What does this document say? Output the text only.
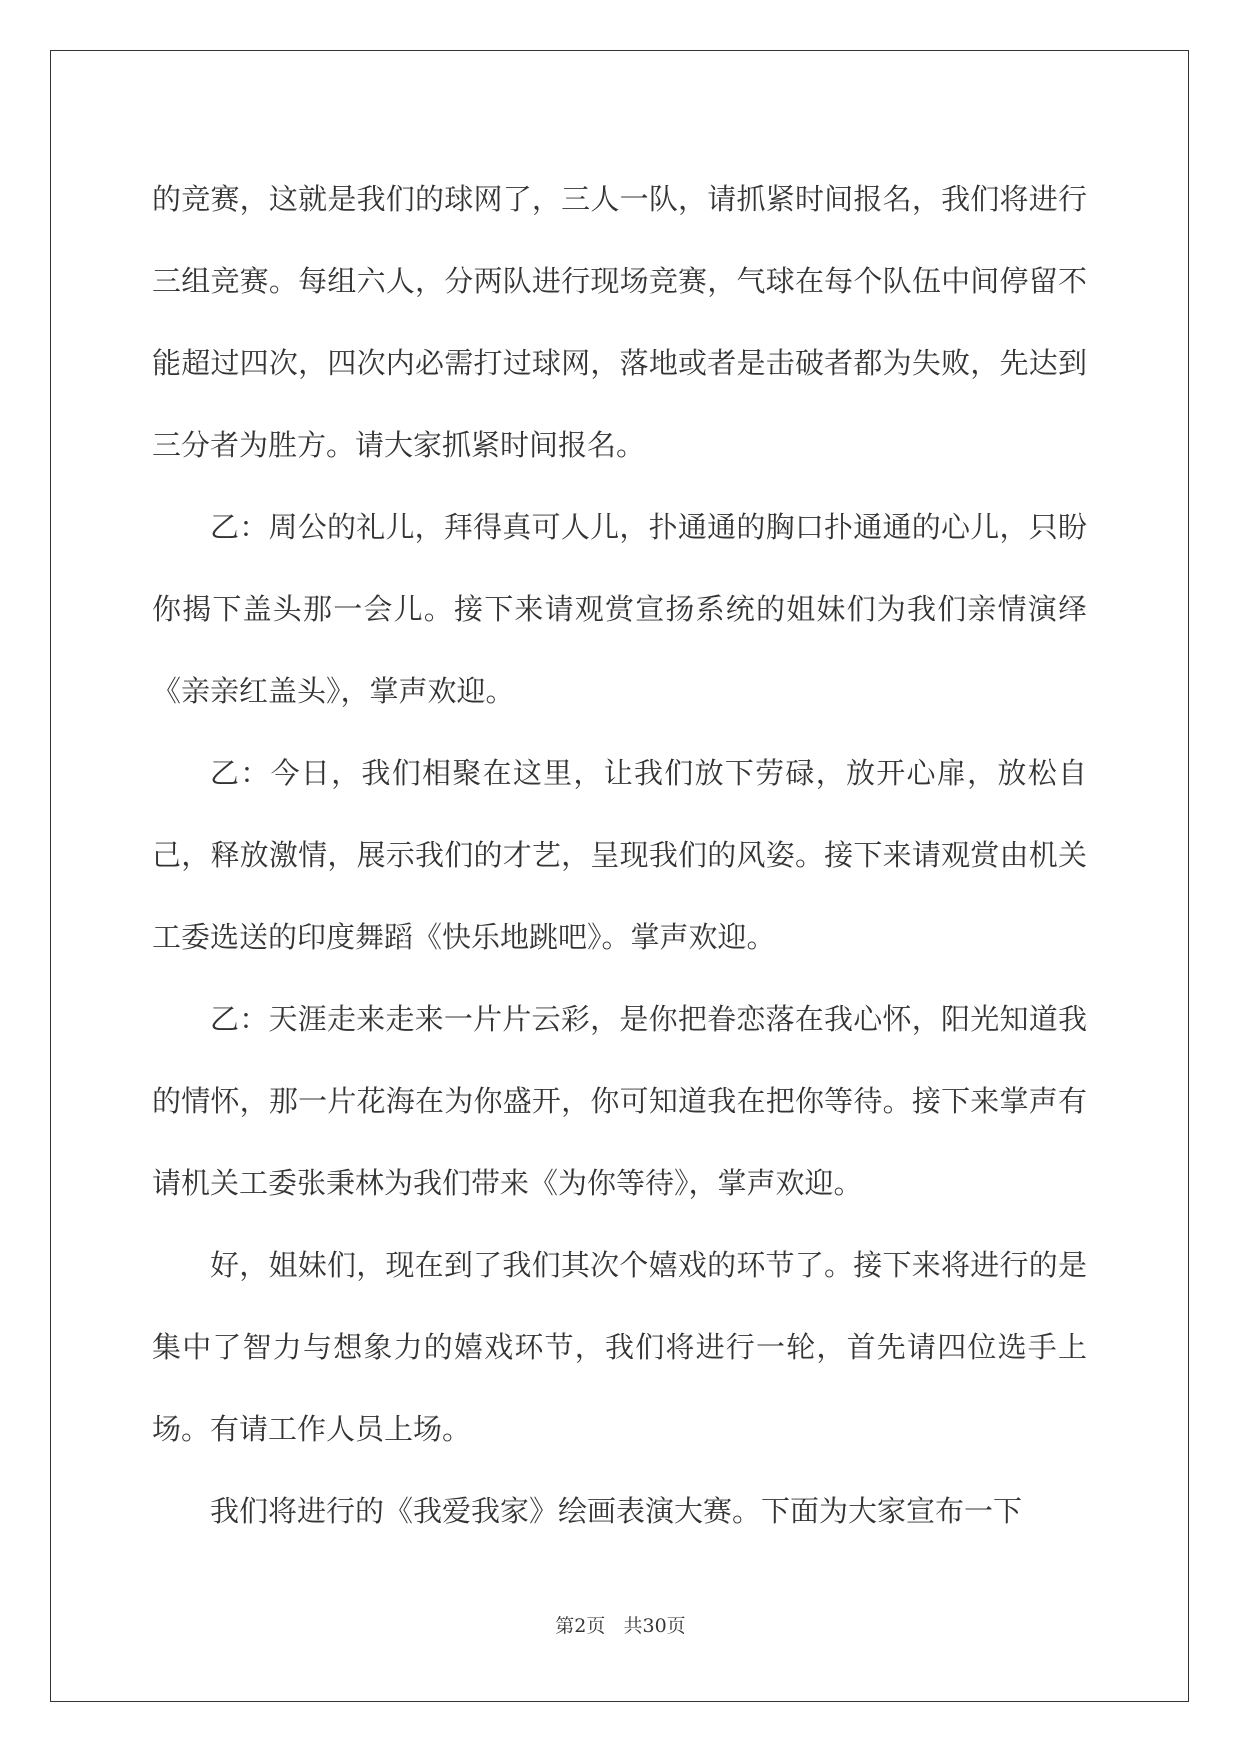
的竞赛，这就是我们的球网了，三人一队，请抓紧时间报名，我们将进行三组竞赛。每组六人，分两队进行现场竞赛，气球在每个队伍中间停留不能超过四次，四次内必需打过球网，落地或者是击破者都为失败，先达到三分者为胜方。请大家抓紧时间报名。

乙：周公的礼儿，拜得真可人儿，扑通通的胸口扑通通的心儿，只盼你揭下盖头那一会儿。接下来请观赏宣扬系统的姐妹们为我们亲情演绎《亲亲红盖头》，掌声欢迎。

乙：今日，我们相聚在这里，让我们放下劳碌，放开心扉，放松自己，释放激情，展示我们的才艺，呈现我们的风姿。接下来请观赏由机关工委选送的印度舞蹈《快乐地跳吧》。掌声欢迎。

乙：天涯走来走来一片片云彩，是你把眷恋落在我心怀，阳光知道我的情怀，那一片花海在为你盛开，你可知道我在把你等待。接下来掌声有请机关工委张秉林为我们带来《为你等待》，掌声欢迎。

好，姐妹们，现在到了我们其次个嬉戏的环节了。接下来将进行的是集中了智力与想象力的嬉戏环节，我们将进行一轮，首先请四位选手上场。有请工作人员上场。

我们将进行的《我爱我家》绘画表演大赛。下面为大家宣布一下

第2页   共30页
